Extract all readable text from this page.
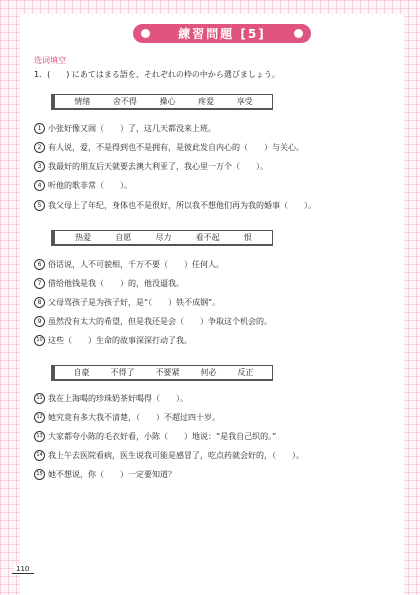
練習問題 [5]
选词填空
1．(　　) にあてはまる語を、それぞれの枠の中から選びましょう。
情绪	舍不得	操心	疼爱	享受
1 小张好像又闹（　　）了，这几天都没来上班。
2 有人说，爱，不是得到也不是拥有，是彼此发自内心的（　　）与关心。
3 我最好的朋友后天就要去澳大利亚了，我心里一万个（　　）。
4 听他的歌非常（　　）。
5 我父母上了年纪，身体也不是很好，所以我不想他们再为我的婚事（　　）。
热爱	自愿	尽力	看不起	恨
6 俗话说，人不可貌相，千万不要（　　）任何人。
7 借给他钱是我（　　）的，他没逼我。
8 父母骂孩子是为孩子好，是“（　　）铁不成钢”。
9 虽然没有太大的希望，但是我还是会（　　）争取这个机会的。
10 这些（　　）生命的故事深深打动了我。
自豪	不得了	不要紧	何必	反正
11 我在上海喝的珍珠奶茶好喝得（　　）。
12 她究竟有多大我不清楚，（　　）不超过四十岁。
13 大家都夸小陈的毛衣好看，小陈（　　）地说：“是我自己织的。”
14 我上午去医院看病，医生说我可能是感冒了，吃点药就会好的，（　　）。
15 她不想说，你（　　）一定要知道？
110
